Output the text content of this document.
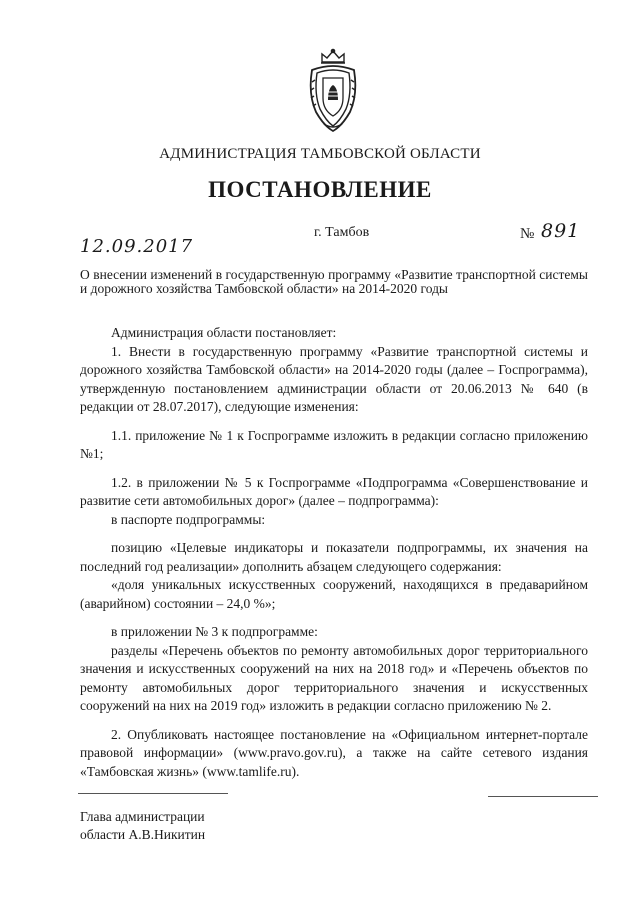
АДМИНИСТРАЦИЯ ТАМБОВСКОЙ ОБЛАСТИ
ПОСТАНОВЛЕНИЕ
г. Тамбов	№ 891
12.09.2017
О внесении изменений в государственную программу «Развитие транспортной системы и дорожного хозяйства Тамбовской области» на 2014-2020 годы

Администрация области постановляет:

1. Внести в государственную программу «Развитие транспортной системы и дорожного хозяйства Тамбовской области» на 2014-2020 годы (далее – Госпрограмма), утвержденную постановлением администрации области от 20.06.2013 № 640 (в редакции от 28.07.2017), следующие изменения:

1.1. приложение № 1 к Госпрограмме изложить в редакции согласно приложению №1;

1.2. в приложении № 5 к Госпрограмме «Подпрограмма «Совершенствование и развитие сети автомобильных дорог» (далее – подпрограмма):

в паспорте подпрограммы:

позицию «Целевые индикаторы и показатели подпрограммы, их значения на последний год реализации» дополнить абзацем следующего содержания:

«доля уникальных искусственных сооружений, находящихся в предаварийном (аварийном) состоянии – 24,0 %»;

в приложении № 3 к подпрограмме:

разделы «Перечень объектов по ремонту автомобильных дорог территориального значения и искусственных сооружений на них на 2018 год» и «Перечень объектов по ремонту автомобильных дорог территориального значения и искусственных сооружений на них на 2019 год» изложить в редакции согласно приложению № 2.

2. Опубликовать настоящее постановление на «Официальном интернет-портале правовой информации» (www.pravo.gov.ru), а также на сайте сетевого издания «Тамбовская жизнь» (www.tamlife.ru).

Глава администрации
области А.В.Никитин
